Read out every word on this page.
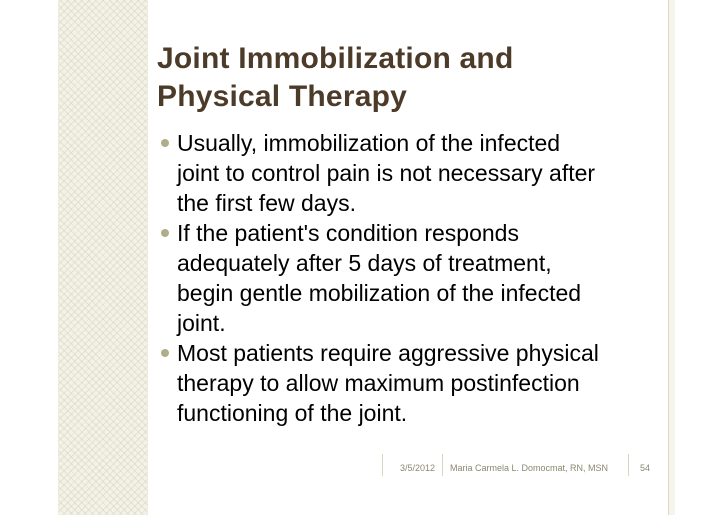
Joint Immobilization and
Physical Therapy
Usually, immobilization of the infected
joint to control pain is not necessary after
the first few days.
If the patient's condition responds
adequately after 5 days of treatment,
begin gentle mobilization of the infected
joint.
Most patients require aggressive physical
therapy to allow maximum postinfection
functioning of the joint.
3/5/2012 Maria Carmela L. Domocmat, RN, MSN	54
